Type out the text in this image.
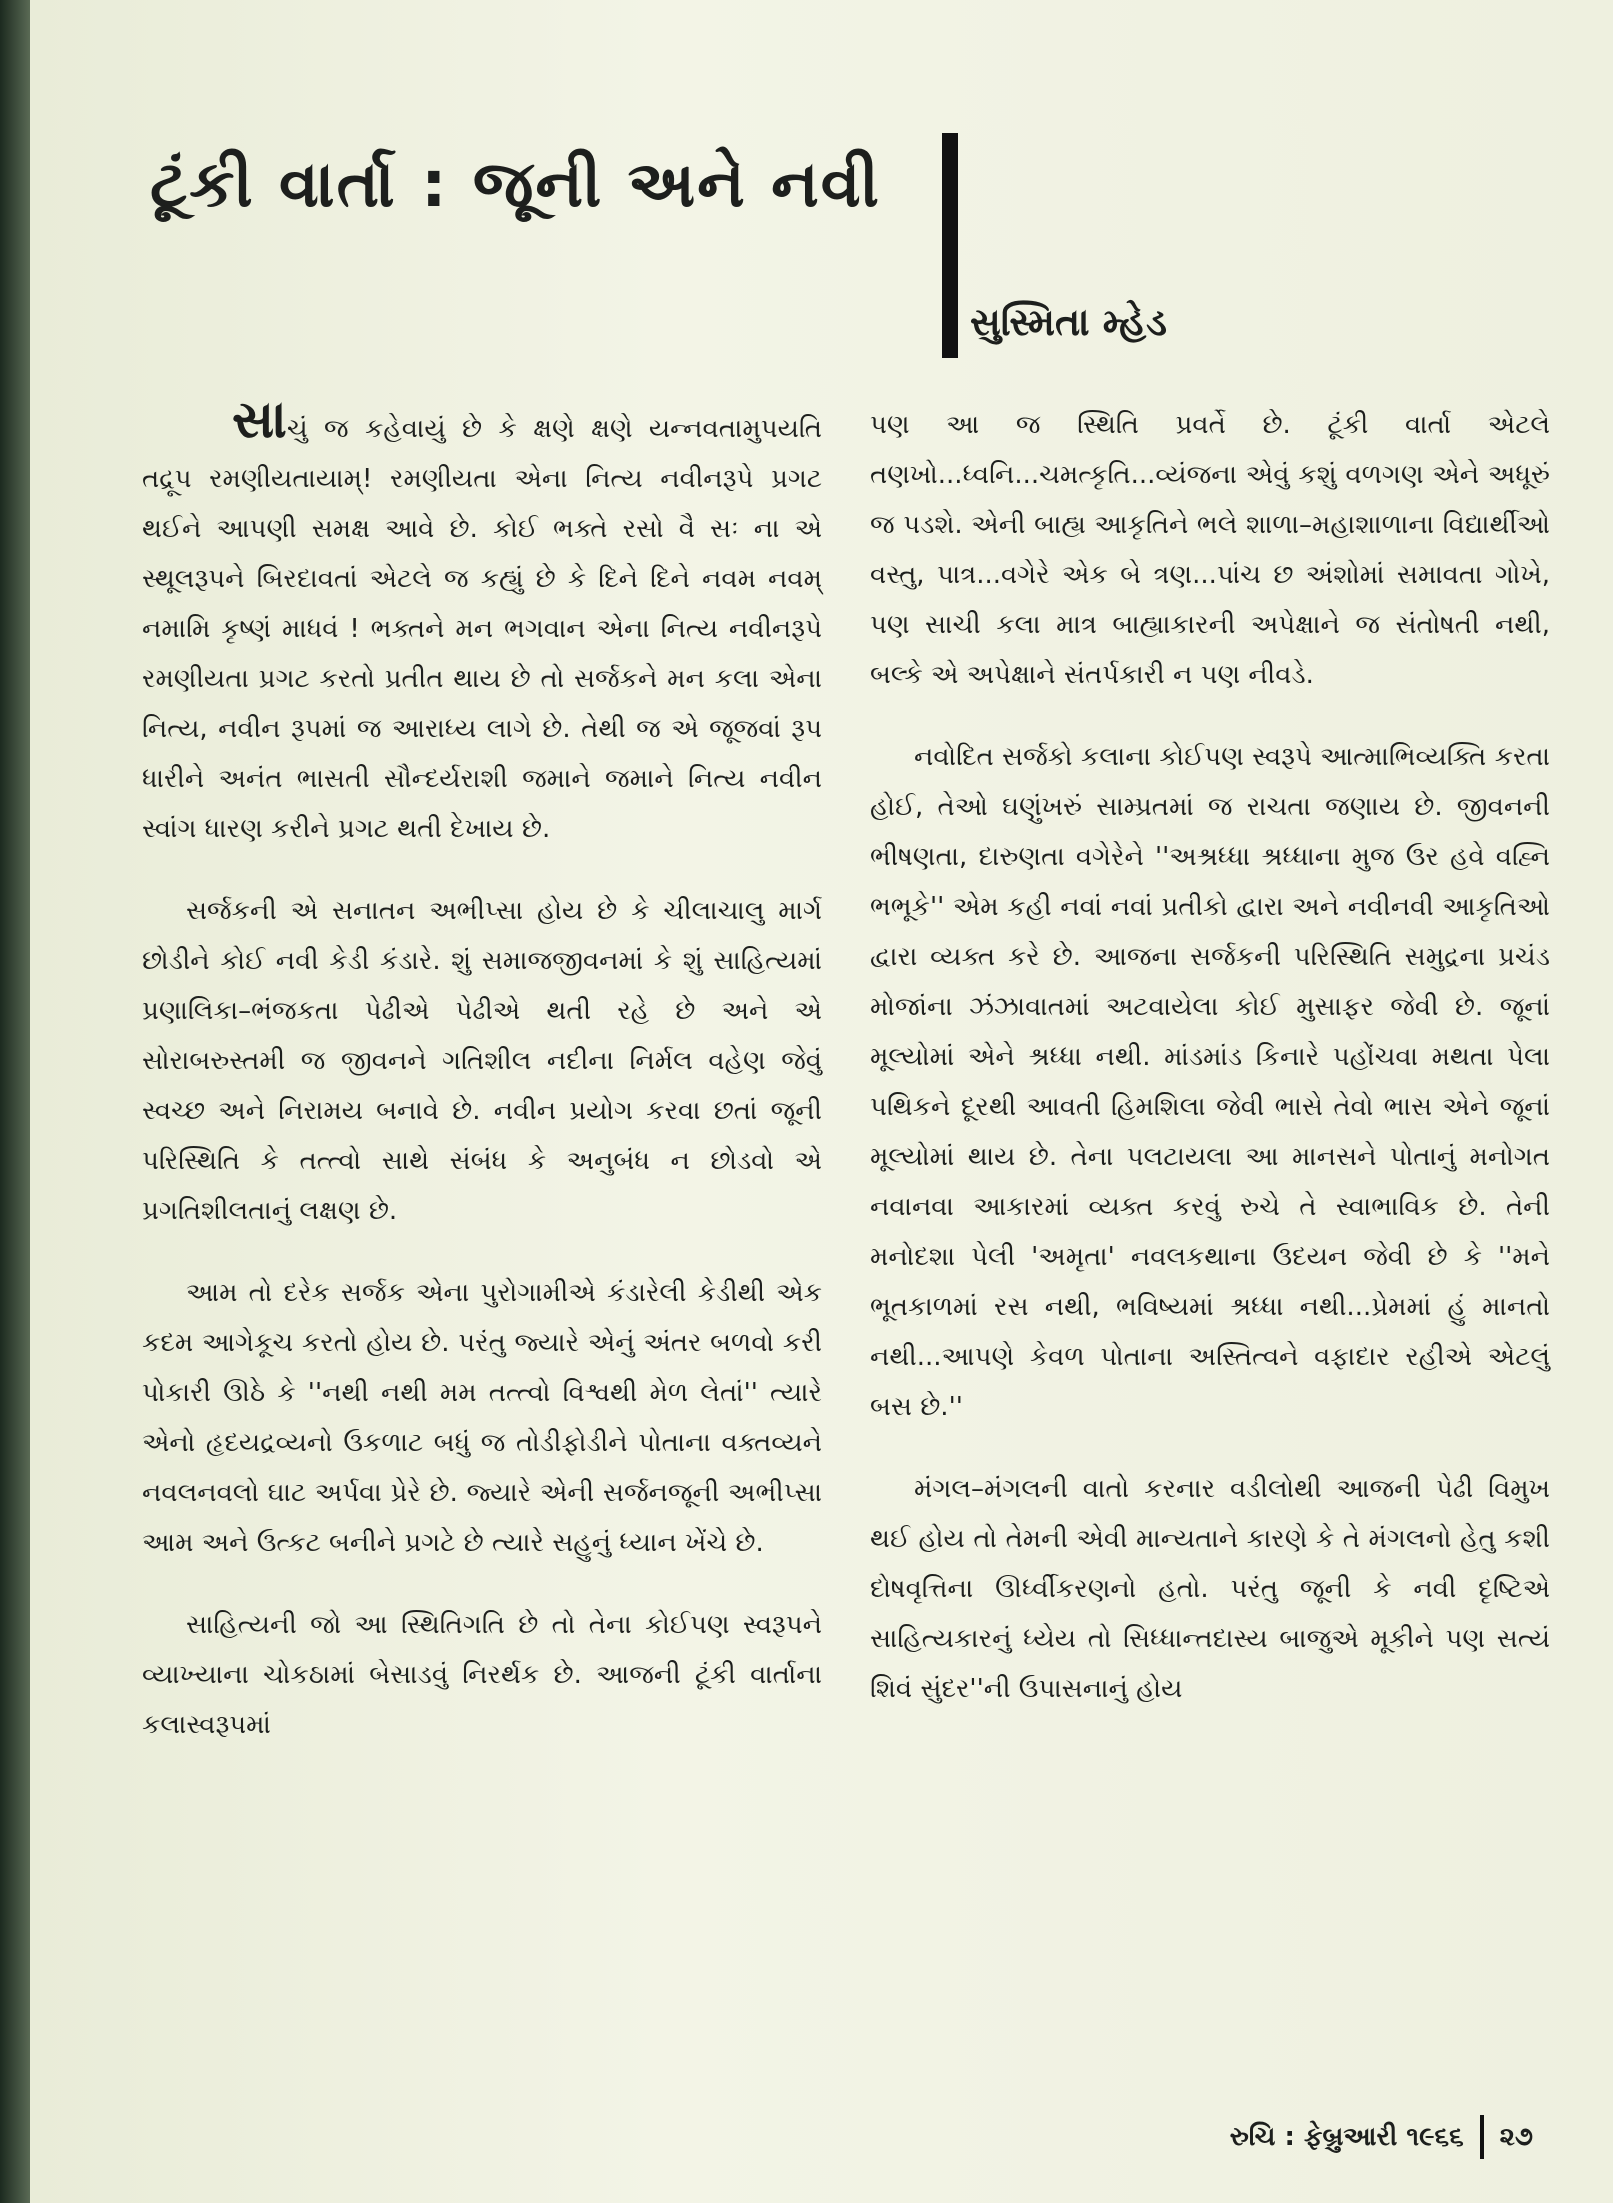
ટૂંકી વાર્તા : જૂની અને નવી
સુસ્મિતા મ્હેડ

સાચું જ કહેવાયું છે કે ક્ષણે ક્ષણે યન્નવતામુપયતિ તદ્રૂપ રમણીયતાયામ્! રમણીયતા એના નિત્ય નવીનરૂપે પ્રગટ થઈને આપણી સમક્ષ આવે છે. કોઈ ભક્તે રસો વૈ સઃ ના એ સ્થૂલરૂપને બિરદાવતાં એટલે જ કહ્યું છે કે દિને દિને નવમ નવમ્ નમામિ કૃષ્ણં માધવં ! ભક્તને મન ભગવાન એના નિત્ય નવીનરૂપે રમણીયતા પ્રગટ કરતો પ્રતીત થાય છે તો સર્જકને મન કલા એના નિત્ય, નવીન રૂપમાં જ આરાધ્ય લાગે છે. તેથી જ એ જૂજવાં રૂપ ધારીને અનંત ભાસતી સૌન્દર્યરાશી જમાને જમાને નિત્ય નવીન સ્વાંગ ધારણ કરીને પ્રગટ થતી દેખાય છે.

સર્જકની એ સનાતન અભીપ્સા હોય છે કે ચીલાચાલુ માર્ગ છોડીને કોઈ નવી કેડી કંડારે. શું સમાજજીવનમાં કે શું સાહિત્યમાં પ્રણાલિકા–ભંજકતા પેઢીએ પેઢીએ થતી રહે છે અને એ સોરાબરુસ્તમી જ જીવનને ગતિશીલ નદીના નિર્મલ વહેણ જેવું સ્વચ્છ અને નિરામય બનાવે છે. નવીન પ્રયોગ કરવા છતાં જૂની પરિસ્થિતિ કે તત્ત્વો સાથે સંબંધ કે અનુબંધ ન છોડવો એ પ્રગતિશીલતાનું લક્ષણ છે.

આમ તો દરેક સર્જક એના પુરોગામીએ કંડારેલી કેડીથી એક કદમ આગેકૂચ કરતો હોય છે. પરંતુ જ્યારે એનું અંતર બળવો કરી પોકારી ઊઠે કે ''નથી નથી મમ તત્ત્વો વિશ્વથી મેળ લેતાં'' ત્યારે એનો હૃદયદ્રવ્યનો ઉકળાટ બધું જ તોડીફોડીને પોતાના વક્તવ્યને નવલનવલો ઘાટ અર્પવા પ્રેરે છે. જ્યારે એની સર્જનજૂની અભીપ્સા આમ અને ઉત્કટ બનીને પ્રગટે છે ત્યારે સહુનું ધ્યાન ખેંચે છે.

સાહિત્યની જો આ સ્થિતિગતિ છે તો તેના કોઈપણ સ્વરૂપને વ્યાખ્યાના ચોકઠામાં બેસાડવું નિરર્થક છે. આજની ટૂંકી વાર્તાના કલાસ્વરૂપમાં

પણ આ જ સ્થિતિ પ્રવર્તે છે. ટૂંકી વાર્તા એટલે તણખો...ધ્વનિ...ચમત્કૃતિ...વ્યંજના એવું કશું વળગણ એને અધૂરું જ પડશે. એની બાહ્ય આકૃતિને ભલે શાળા–મહાશાળાના વિદ્યાર્થીઓ વસ્તુ, પાત્ર...વગેરે એક બે ત્રણ...પાંચ છ અંશોમાં સમાવતા ગોખે, પણ સાચી કલા માત્ર બાહ્યાકારની અપેક્ષાને જ સંતોષતી નથી, બલ્કે એ અપેક્ષાને સંતર્પકારી ન પણ નીવડે.

નવોદિત સર્જકો કલાના કોઈપણ સ્વરૂપે આત્માભિવ્યક્તિ કરતા હોઈ, તેઓ ઘણુંખરું સામ્પ્રતમાં જ રાચતા જણાય છે. જીવનની ભીષણતા, દારુણતા વગેરેને ''અશ્રધ્ધા શ્રધ્ધાના મુજ ઉર હવે વહ્નિ ભભૂકે'' એમ કહી નવાં નવાં પ્રતીકો દ્વારા અને નવીનવી આકૃતિઓ દ્વારા વ્યક્ત કરે છે. આજના સર્જકની પરિસ્થિતિ સમુદ્રના પ્રચંડ મોજાંના ઝંઝાવાતમાં અટવાયેલા કોઈ મુસાફર જેવી છે. જૂનાં મૂલ્યોમાં એને શ્રધ્ધા નથી. માંડમાંડ કિનારે પહોંચવા મથતા પેલા પથિકને દૂરથી આવતી હિમશિલા જેવી ભાસે તેવો ભાસ એને જૂનાં મૂલ્યોમાં થાય છે. તેના પલટાયલા આ માનસને પોતાનું મનોગત નવાનવા આકારમાં વ્યક્ત કરવું રુચે તે સ્વાભાવિક છે. તેની મનોદશા પેલી 'અમૃતા' નવલકથાના ઉદયન જેવી છે કે ''મને ભૂતકાળમાં રસ નથી, ભવિષ્યમાં શ્રધ્ધા નથી...પ્રેમમાં હું માનતો નથી...આપણે કેવળ પોતાના અસ્તિત્વને વફાદાર રહીએ એટલું બસ છે.''

મંગલ–મંગલની વાતો કરનાર વડીલોથી આજની પેઢી વિમુખ થઈ હોય તો તેમની એવી માન્યતાને કારણે કે તે મંગલનો હેતુ કશી દોષવૃત્તિના ઊર્ધ્વીકરણનો હતો. પરંતુ જૂની કે નવી દૃષ્ટિએ સાહિત્યકારનું ધ્યેય તો સિધ્ધાન્તદાસ્ય બાજુએ મૂકીને પણ સત્યં શિવં સુંદર''ની ઉપાસનાનું હોય

રુચિ : ફેબ્રુઆરી ૧૯૬૬ ૨૭
